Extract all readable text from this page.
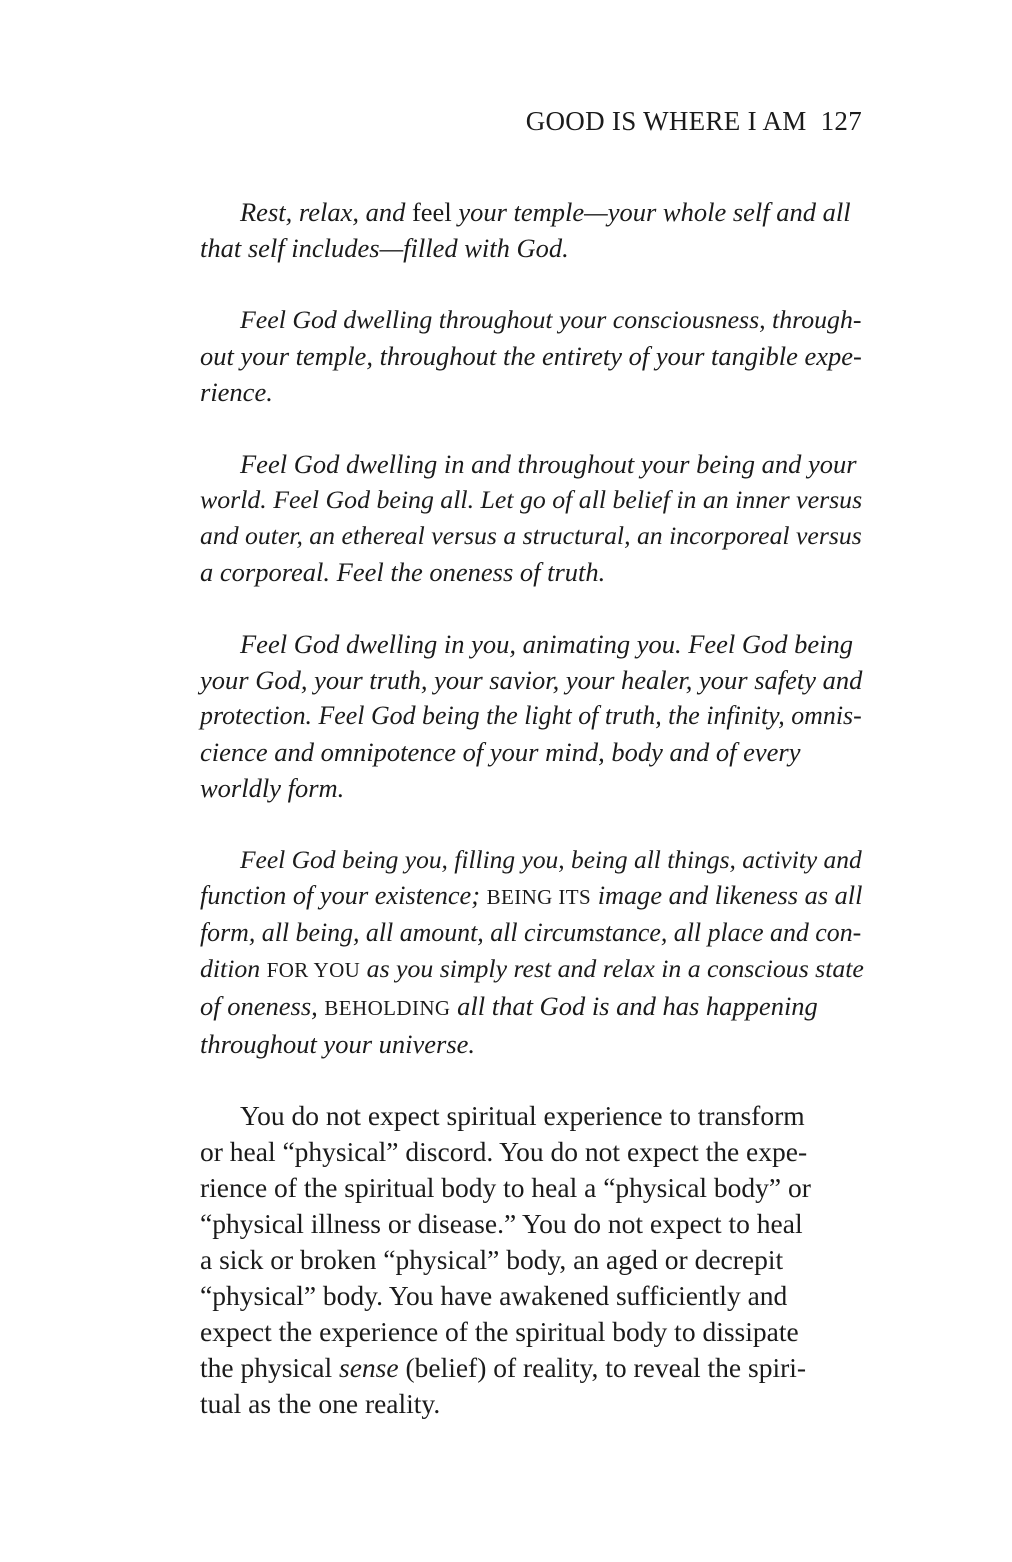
GOOD IS WHERE I AM 127
Rest, relax, and feel your temple—your whole self and all
that self includes—filled with God.
Feel God dwelling throughout your consciousness, through-
out your temple, throughout the entirety of your tangible expe-
rience.
Feel God dwelling in and throughout your being and your
world. Feel God being all. Let go of all belief in an inner versus
and outer, an ethereal versus a structural, an incorporeal versus
a corporeal. Feel the oneness of truth.
Feel God dwelling in you, animating you. Feel God being
your God, your truth, your savior, your healer, your safety and
protection. Feel God being the light of truth, the infinity, omnis-
cience and omnipotence of your mind, body and of every
worldly form.
Feel God being you, filling you, being all things, activity and
function of your existence; BEING ITS image and likeness as all
form, all being, all amount, all circumstance, all place and con-
dition FOR YOU as you simply rest and relax in a conscious state
of oneness, BEHOLDING all that God is and has happening
throughout your universe.
You do not expect spiritual experience to transform
or heal “physical” discord. You do not expect the expe-
rience of the spiritual body to heal a “physical body” or
“physical illness or disease.” You do not expect to heal
a sick or broken “physical” body, an aged or decrepit
“physical” body. You have awakened sufficiently and
expect the experience of the spiritual body to dissipate
the physical sense (belief) of reality, to reveal the spiri-
tual as the one reality.
